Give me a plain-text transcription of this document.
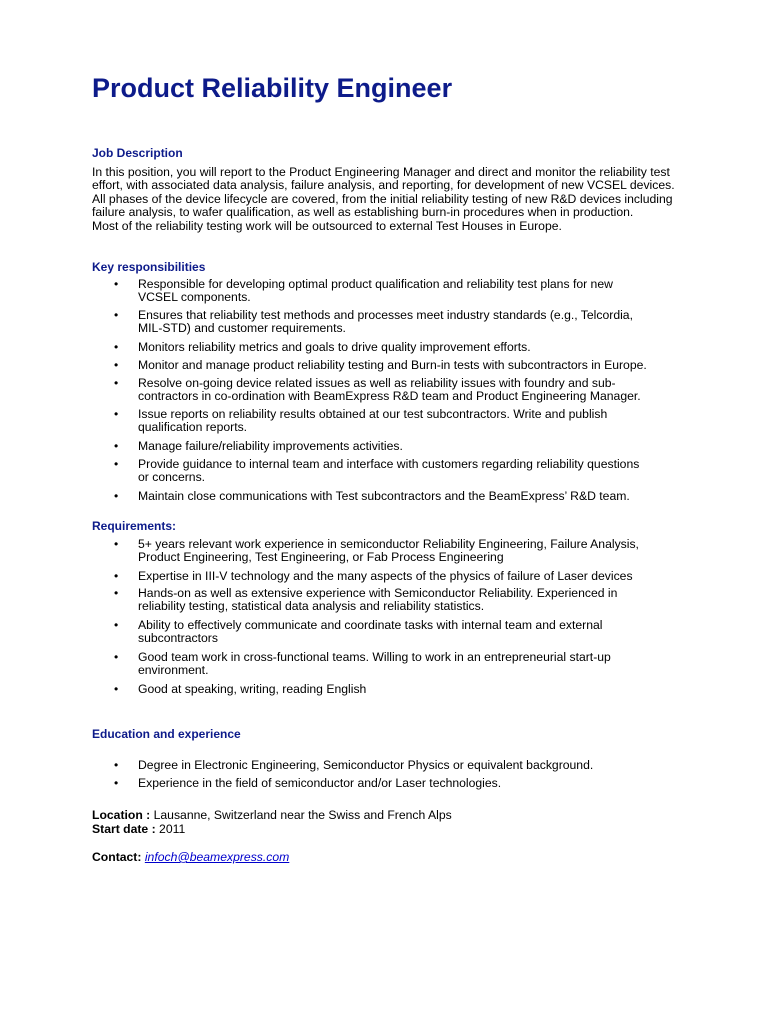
Product Reliability Engineer
Job Description
In this position, you will report to the Product Engineering Manager and direct and monitor the reliability test
effort, with associated data analysis, failure analysis, and reporting, for development of new VCSEL devices.
All phases of the device lifecycle are covered, from the initial reliability testing of new R&D devices including
failure analysis, to wafer qualification, as well as establishing burn-in procedures when in production.
Most of the reliability testing work will be outsourced to external Test Houses in Europe.
Key responsibilities
• Responsible for developing optimal product qualification and reliability test plans for new
VCSEL components.
• Ensures that reliability test methods and processes meet industry standards (e.g., Telcordia,
MIL-STD) and customer requirements.
• Monitors reliability metrics and goals to drive quality improvement efforts.
• Monitor and manage product reliability testing and Burn-in tests with subcontractors in Europe.
• Resolve on-going device related issues as well as reliability issues with foundry and sub-
contractors in co-ordination with BeamExpress R&D team and Product Engineering Manager.
• Issue reports on reliability results obtained at our test subcontractors. Write and publish
qualification reports.
• Manage failure/reliability improvements activities.
• Provide guidance to internal team and interface with customers regarding reliability questions
or concerns.
• Maintain close communications with Test subcontractors and the BeamExpress’ R&D team.
Requirements:
• 5+ years relevant work experience in semiconductor Reliability Engineering, Failure Analysis,
Product Engineering, Test Engineering, or Fab Process Engineering
• Expertise in III-V technology and the many aspects of the physics of failure of Laser devices
• Hands-on as well as extensive experience with Semiconductor Reliability. Experienced in
reliability testing, statistical data analysis and reliability statistics.
• Ability to effectively communicate and coordinate tasks with internal team and external
subcontractors
• Good team work in cross-functional teams. Willing to work in an entrepreneurial start-up
environment.
• Good at speaking, writing, reading English
Education and experience
• Degree in Electronic Engineering, Semiconductor Physics or equivalent background.
• Experience in the field of semiconductor and/or Laser technologies.
Location : Lausanne, Switzerland near the Swiss and French Alps
Start date : 2011
Contact: infoch@beamexpress.com
